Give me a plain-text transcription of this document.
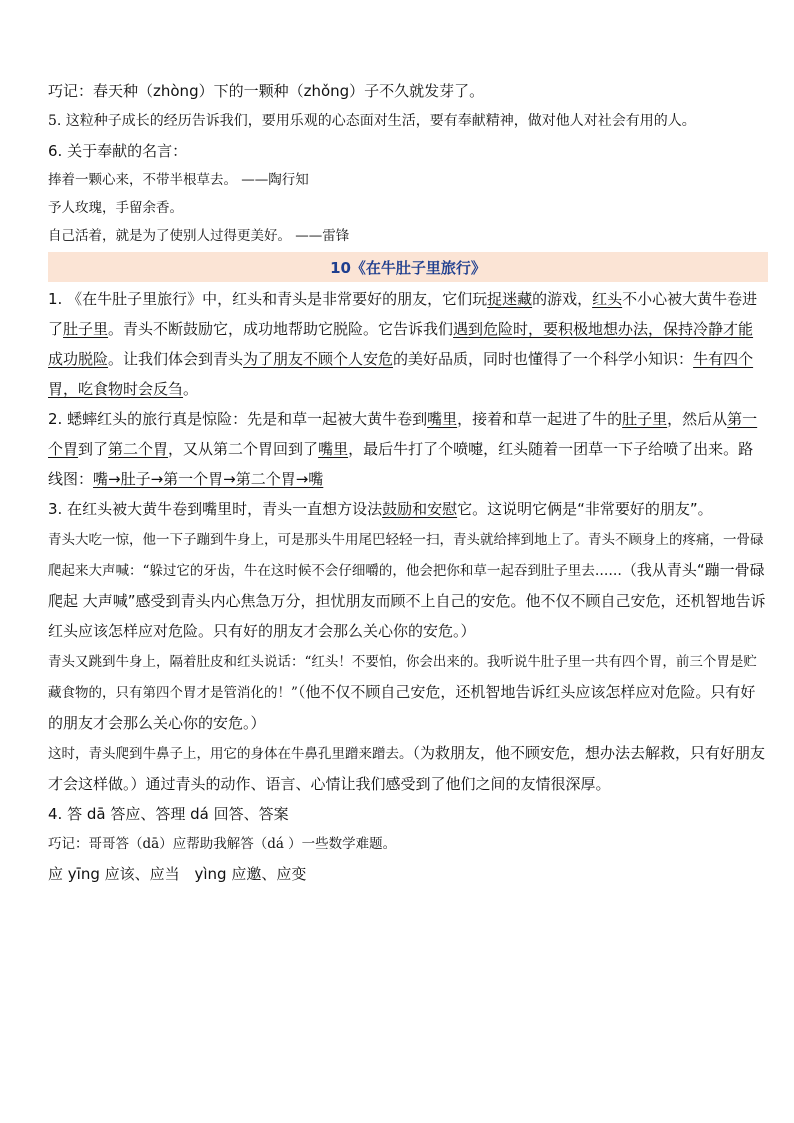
巧记：春天种（zhòng）下的一颗种（zhǒng）子不久就发芽了。

5. 这粒种子成长的经历告诉我们，要用乐观的心态面对生活，要有奉献精神，做对他人对社会有用的人。

6. 关于奉献的名言：

捧着一颗心来，不带半根草去。 ——陶行知

予人玫瑰，手留余香。

自己活着，就是为了使别人过得更美好。 ——雷锋

10《在牛肚子里旅行》

1. 《在牛肚子里旅行》中，红头和青头是非常要好的朋友，它们玩捉迷藏的游戏，红头不小心被大黄牛卷进了肚子里。青头不断鼓励它，成功地帮助它脱险。它告诉我们遇到危险时，要积极地想办法，保持冷静才能成功脱险。让我们体会到青头为了朋友不顾个人安危的美好品质，同时也懂得了一个科学小知识：牛有四个胃，吃食物时会反刍。

2. 蟋蟀红头的旅行真是惊险：先是和草一起被大黄牛卷到嘴里，接着和草一起进了牛的肚子里，然后从第一个胃到了第二个胃，又从第二个胃回到了嘴里，最后牛打了个喷嚏，红头随着一团草一下子给喷了出来。路线图：嘴→肚子→第一个胃→第二个胃→嘴

3. 在红头被大黄牛卷到嘴里时，青头一直想方设法鼓励和安慰它。这说明它俩是“非常要好的朋友”。

青头大吃一惊，他一下子蹦到牛身上，可是那头牛用尾巴轻轻一扫，青头就给摔到地上了。青头不顾身上的疼痛，一骨碌爬起来大声喊：“躲过它的牙齿，牛在这时候不会仔细嚼的，他会把你和草一起吞到肚子里去……（我从青头“蹦一骨碌爬起 大声喊”感受到青头内心焦急万分，担忧朋友而顾不上自己的安危。他不仅不顾自己安危，还机智地告诉红头应该怎样应对危险。只有好的朋友才会那么关心你的安危。）

青头又跳到牛身上，隔着肚皮和红头说话：“红头！不要怕，你会出来的。我听说牛肚子里一共有四个胃，前三个胃是贮藏食物的，只有第四个胃才是管消化的！”（他不仅不顾自己安危，还机智地告诉红头应该怎样应对危险。只有好的朋友才会那么关心你的安危。）

这时，青头爬到牛鼻子上，用它的身体在牛鼻孔里蹭来蹭去。（为救朋友，他不顾安危，想办法去解救，只有好朋友才会这样做。）通过青头的动作、语言、心情让我们感受到了他们之间的友情很深厚。

4. 答 dā 答应、答理 dá 回答、答案

巧记：哥哥答（dā）应帮助我解答（dá ）一些数学难题。

应 yīng 应该、应当 yìng 应邀、应变
